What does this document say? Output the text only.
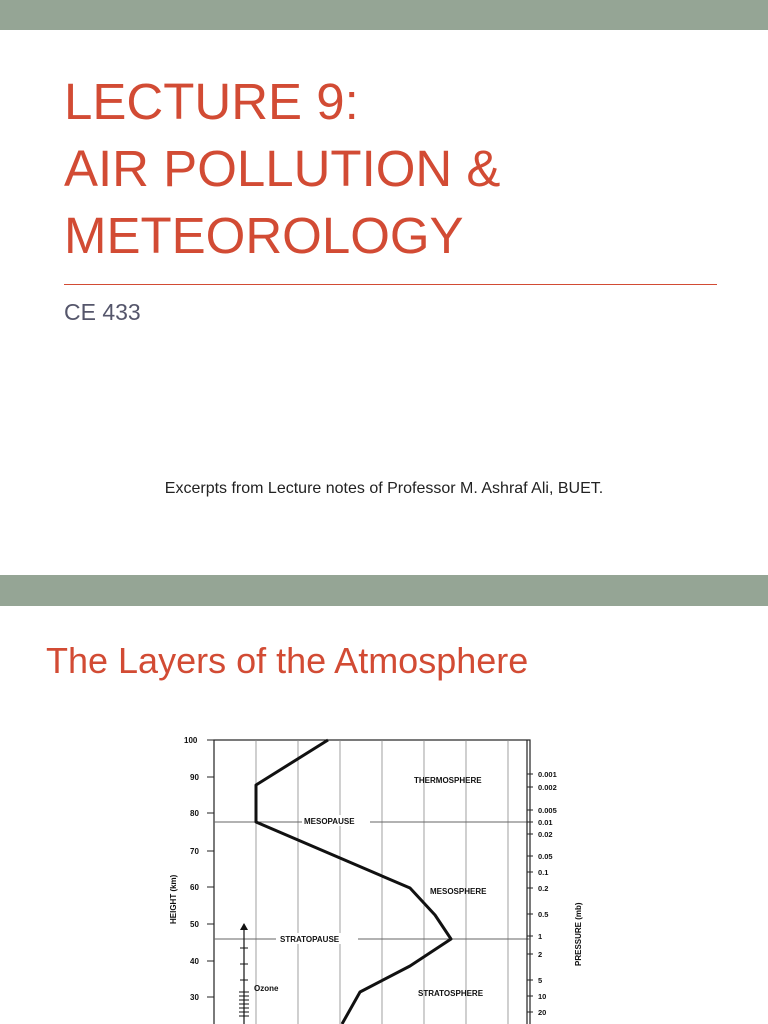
LECTURE 9:
AIR POLLUTION &
METEOROLOGY
CE 433
Excerpts from Lecture notes of Professor M. Ashraf Ali, BUET.
The Layers of the Atmosphere
100
90
80
70
60
50
40
30
HEIGHT (km)
0.001
0.002
0.005
0.01
0.02
0.05
0.1
0.2
0.5
1
2
5
10
20
PRESSURE (mb)
Ozone
THERMOSPHERE
MESOPAUSE
MESOSPHERE
STRATOPAUSE
STRATOSPHERE
